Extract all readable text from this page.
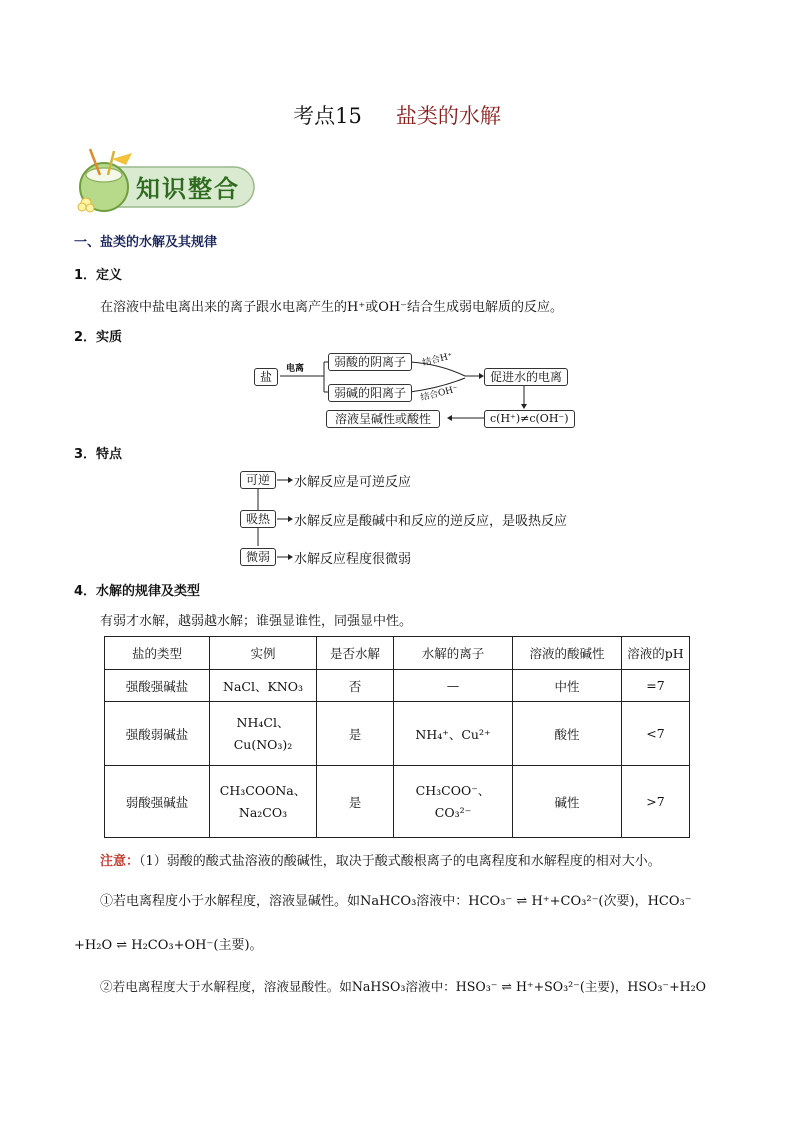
考点15 盐类的水解
知识整合
一、盐类的水解及其规律
1．定义
在溶液中盐电离出来的离子跟水电离产生的H⁺或OH⁻结合生成弱电解质的反应。
2．实质
盐
电离	弱酸的阴离子
弱碱的阳离子
结合H⁺
结合OH⁻
促进水的电离
c(H⁺)≠c(OH⁻)
溶液呈碱性或酸性
3．特点
可逆	水解反应是可逆反应
吸热	水解反应是酸碱中和反应的逆反应，是吸热反应
微弱	水解反应程度很微弱
4．水解的规律及类型
有弱才水解，越弱越水解；谁强显谁性，同强显中性。
盐的类型	实例	是否水解	水解的离子	溶液的酸碱性	溶液的pH
强酸强碱盐	NaCl、KNO₃	否	—	中性	=7
强酸弱碱盐	NH₄Cl、Cu(NO₃)₂	是	NH₄⁺、Cu²⁺	酸性	<7
弱酸强碱盐	CH₃COONa、Na₂CO₃	是	CH₃COO⁻、CO₃²⁻	碱性	>7
注意：（1）弱酸的酸式盐溶液的酸碱性，取决于酸式酸根离子的电离程度和水解程度的相对大小。
①若电离程度小于水解程度，溶液显碱性。如NaHCO₃溶液中：HCO₃⁻ ⇌ H⁺+CO₃²⁻(次要)，HCO₃⁻
+H₂O ⇌ H₂CO₃+OH⁻(主要)。
②若电离程度大于水解程度，溶液显酸性。如NaHSO₃溶液中：HSO₃⁻ ⇌ H⁺+SO₃²⁻(主要)，HSO₃⁻+H₂O
